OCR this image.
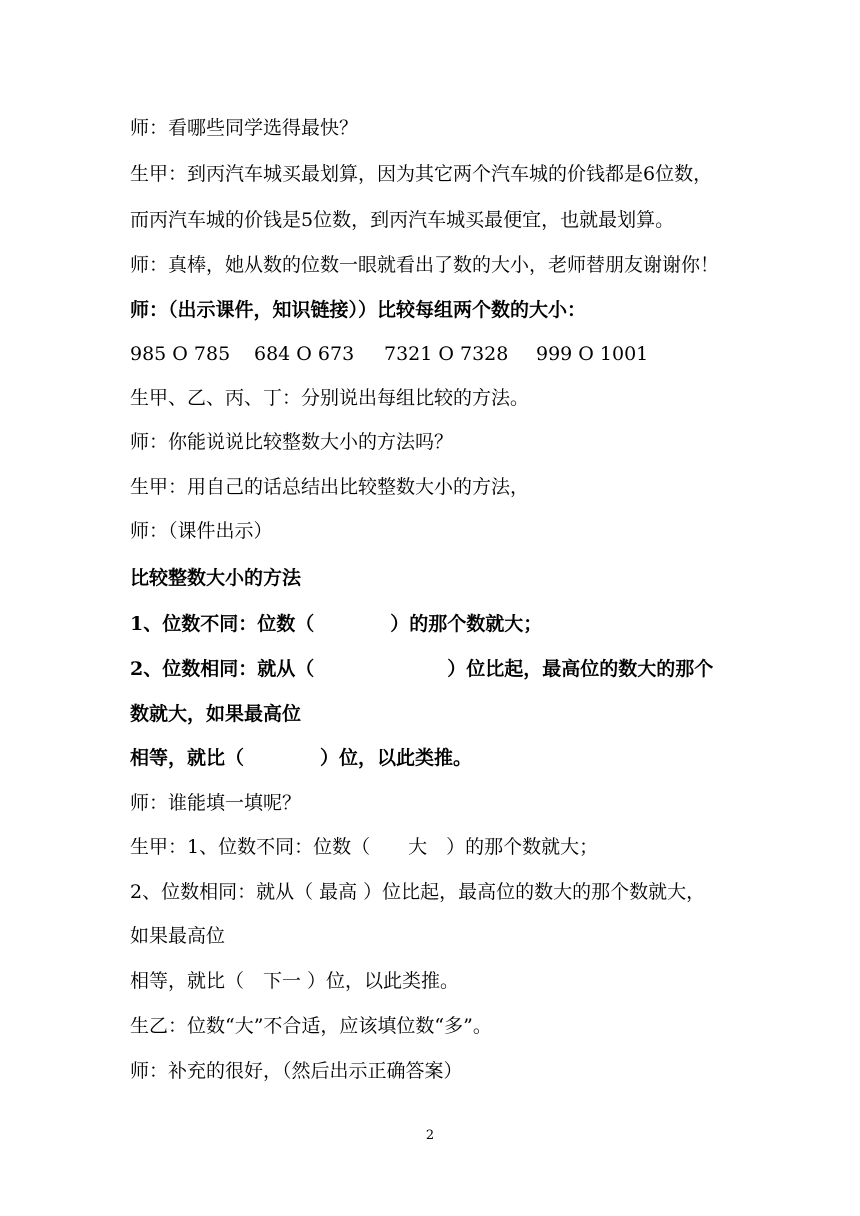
师：看哪些同学选得最快？
生甲：到丙汽车城买最划算，因为其它两个汽车城的价钱都是6位数，
而丙汽车城的价钱是5位数，到丙汽车城买最便宜，也就最划算。
师：真棒，她从数的位数一眼就看出了数的大小，老师替朋友谢谢你！
师：（出示课件，知识链接））比较每组两个数的大小：
985 O 785 684 O 673 7321 O 7328 999 O 1001
生甲、乙、丙、丁：分别说出每组比较的方法。
师：你能说说比较整数大小的方法吗？
生甲：用自己的话总结出比较整数大小的方法，
师：（课件出示）
比较整数大小的方法
1、位数不同：位数（　　　　）的那个数就大；
2、位数相同：就从（　　　　　　　）位比起，最高位的数大的那个
数就大，如果最高位
相等，就比（　　　　）位，以此类推。
师：谁能填一填呢？
生甲：1、位数不同：位数（　　大　）的那个数就大；
2、位数相同：就从（ 最高 ）位比起，最高位的数大的那个数就大，
如果最高位
相等，就比（　下一 ）位，以此类推。
生乙：位数“大”不合适，应该填位数“多”。
师：补充的很好，（然后出示正确答案）
2
